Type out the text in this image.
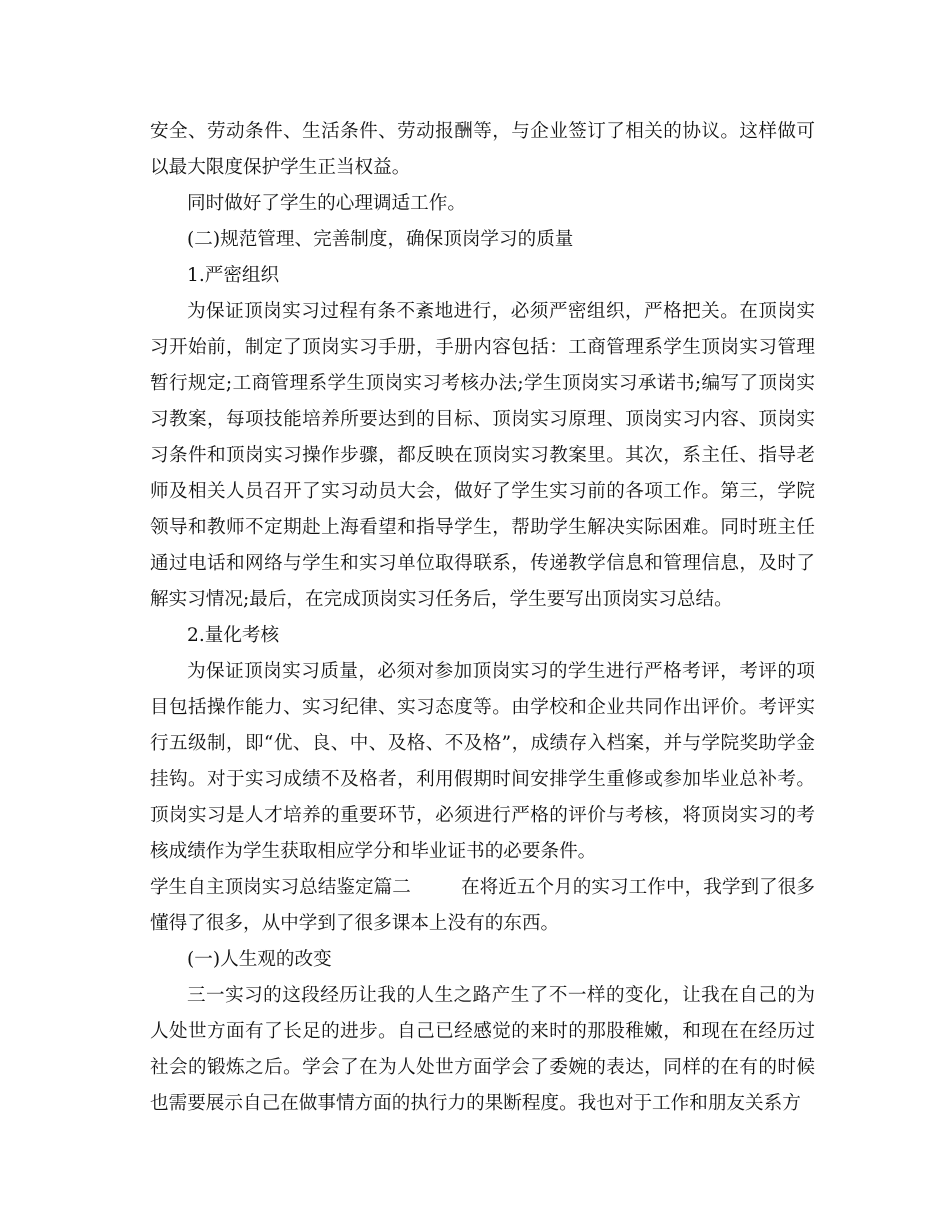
安全、劳动条件、生活条件、劳动报酬等，与企业签订了相关的协议。这样做可以最大限度保护学生正当权益。

同时做好了学生的心理调适工作。

(二)规范管理、完善制度，确保顶岗学习的质量

1.严密组织

为保证顶岗实习过程有条不紊地进行，必须严密组织，严格把关。在顶岗实习开始前，制定了顶岗实习手册，手册内容包括：工商管理系学生顶岗实习管理暂行规定;工商管理系学生顶岗实习考核办法;学生顶岗实习承诺书;编写了顶岗实习教案，每项技能培养所要达到的目标、顶岗实习原理、顶岗实习内容、顶岗实习条件和顶岗实习操作步骤，都反映在顶岗实习教案里。其次，系主任、指导老师及相关人员召开了实习动员大会，做好了学生实习前的各项工作。第三，学院领导和教师不定期赴上海看望和指导学生，帮助学生解决实际困难。同时班主任通过电话和网络与学生和实习单位取得联系，传递教学信息和管理信息，及时了解实习情况;最后，在完成顶岗实习任务后，学生要写出顶岗实习总结。

2.量化考核

为保证顶岗实习质量，必须对参加顶岗实习的学生进行严格考评，考评的项目包括操作能力、实习纪律、实习态度等。由学校和企业共同作出评价。考评实行五级制，即“优、良、中、及格、不及格”，成绩存入档案，并与学院奖助学金挂钩。对于实习成绩不及格者，利用假期时间安排学生重修或参加毕业总补考。顶岗实习是人才培养的重要环节，必须进行严格的评价与考核，将顶岗实习的考核成绩作为学生获取相应学分和毕业证书的必要条件。

学生自主顶岗实习总结鉴定篇二	在将近五个月的实习工作中，我学到了很多懂得了很多，从中学到了很多课本上没有的东西。

(一)人生观的改变

三一实习的这段经历让我的人生之路产生了不一样的变化，让我在自己的为人处世方面有了长足的进步。自己已经感觉的来时的那股稚嫩，和现在在经历过社会的锻炼之后。学会了在为人处世方面学会了委婉的表达，同样的在有的时候也需要展示自己在做事情方面的执行力的果断程度。我也对于工作和朋友关系方
